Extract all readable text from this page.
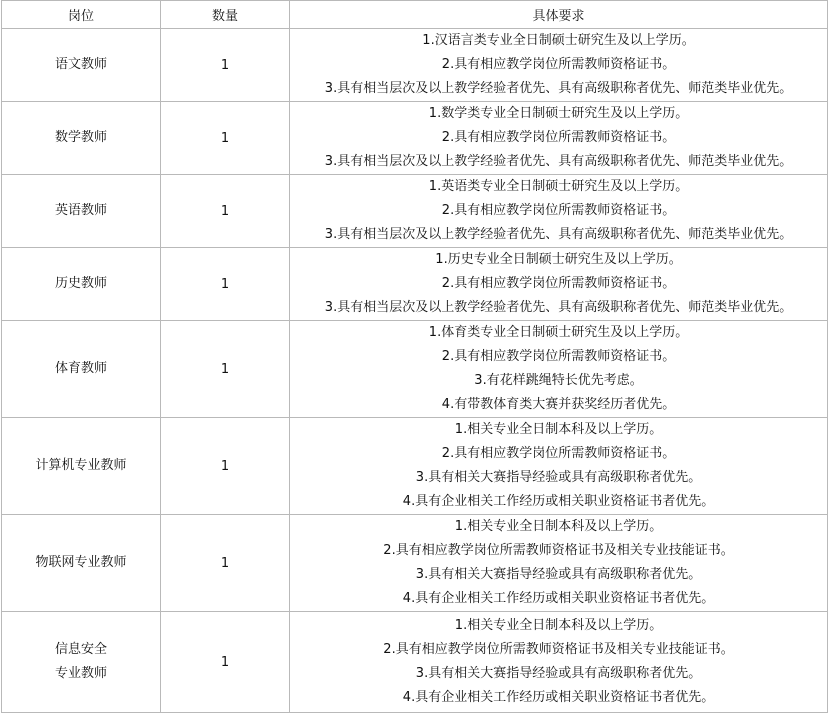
岗位	数量	具体要求

语文教师	1	1.汉语言类专业全日制硕士研究生及以上学历。
2.具有相应教学岗位所需教师资格证书。
3.具有相当层次及以上教学经验者优先、具有高级职称者优先、师范类毕业优先。

数学教师	1	1.数学类专业全日制硕士研究生及以上学历。
2.具有相应教学岗位所需教师资格证书。
3.具有相当层次及以上教学经验者优先、具有高级职称者优先、师范类毕业优先。

英语教师	1	1.英语类专业全日制硕士研究生及以上学历。
2.具有相应教学岗位所需教师资格证书。
3.具有相当层次及以上教学经验者优先、具有高级职称者优先、师范类毕业优先。

历史教师	1	1.历史专业全日制硕士研究生及以上学历。
2.具有相应教学岗位所需教师资格证书。
3.具有相当层次及以上教学经验者优先、具有高级职称者优先、师范类毕业优先。

体育教师	1	1.体育类专业全日制硕士研究生及以上学历。
2.具有相应教学岗位所需教师资格证书。
3.有花样跳绳特长优先考虑。
4.有带教体育类大赛并获奖经历者优先。

计算机专业教师	1	1.相关专业全日制本科及以上学历。
2.具有相应教学岗位所需教师资格证书。
3.具有相关大赛指导经验或具有高级职称者优先。
4.具有企业相关工作经历或相关职业资格证书者优先。

物联网专业教师	1	1.相关专业全日制本科及以上学历。
2.具有相应教学岗位所需教师资格证书及相关专业技能证书。
3.具有相关大赛指导经验或具有高级职称者优先。
4.具有企业相关工作经历或相关职业资格证书者优先。

信息安全
专业教师	1	1.相关专业全日制本科及以上学历。
2.具有相应教学岗位所需教师资格证书及相关专业技能证书。
3.具有相关大赛指导经验或具有高级职称者优先。
4.具有企业相关工作经历或相关职业资格证书者优先。
